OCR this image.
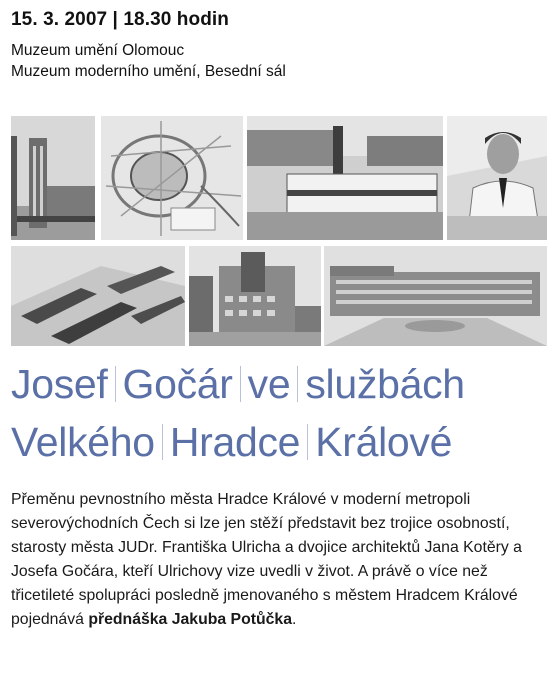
15. 3. 2007 | 18.30 hodin

Muzeum umění Olomouc

Muzeum moderního umění, Besední sál

Josef Gočár ve službách
Velkého Hradce Králové
Přeměnu pevnostního města Hradce Králové v moderní metropoli severovýchodních Čech si lze jen stěží představit bez trojice osobností, starosty města JUDr. Františka Ulricha a dvojice architektů Jana Kotěry a Josefa Gočára, kteří Ulrichovy vize uvedli v život. A právě o více než třicetileté spolupráci posledně jmenovaného s městem Hradcem Králové pojednává přednáška Jakuba Potůčka.
